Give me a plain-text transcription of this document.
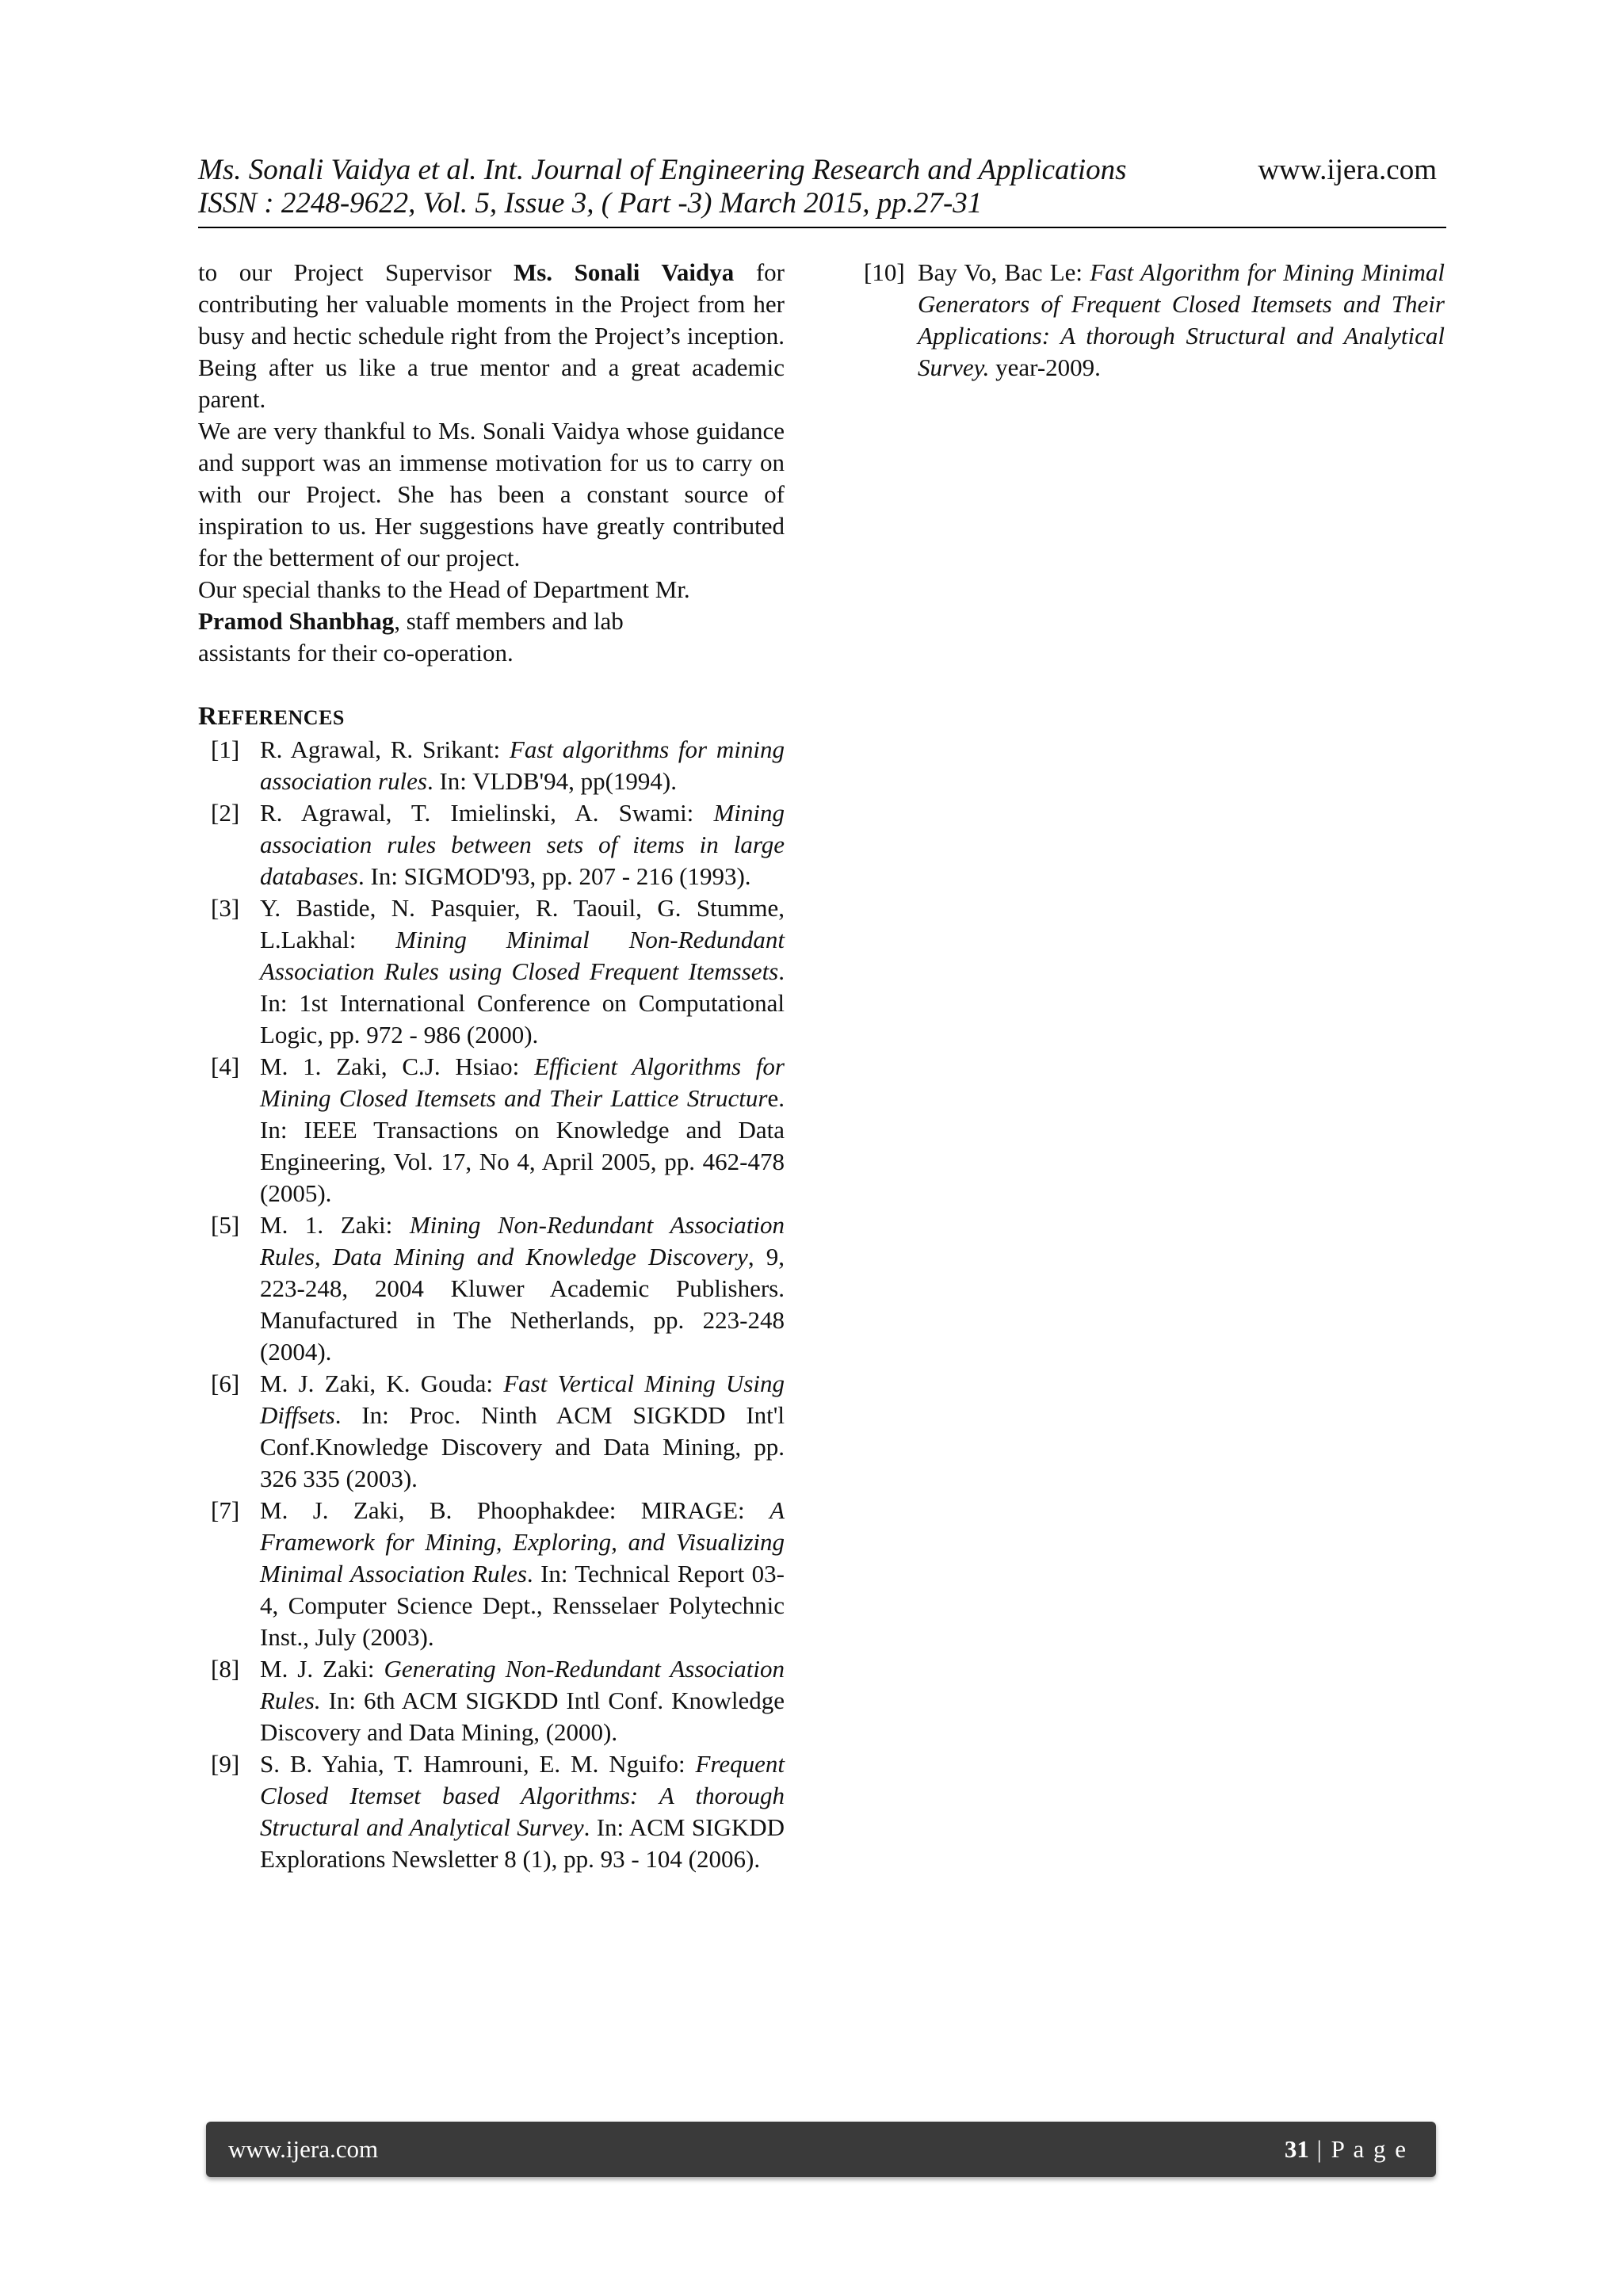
Ms. Sonali Vaidya et al. Int. Journal of Engineering Research and Applications
ISSN : 2248-9622, Vol. 5, Issue 3, ( Part -3) March 2015, pp.27-31
www.ijera.com

to our Project Supervisor Ms. Sonali Vaidya for contributing her valuable moments in the Project from her busy and hectic schedule right from the Project’s inception. Being after us like a true mentor and a great academic parent.

We are very thankful to Ms. Sonali Vaidya whose guidance and support was an immense motivation for us to carry on with our Project. She has been a constant source of inspiration to us. Her suggestions have greatly contributed for the betterment of our project.

Our special thanks to the Head of Department Mr.
Pramod Shanbhag, staff members and lab
assistants for their co-operation.

REFERENCES
[1] R. Agrawal, R. Srikant: Fast algorithms for mining association rules. In: VLDB'94, pp(1994).
[2] R. Agrawal, T. Imielinski, A. Swami: Mining association rules between sets of items in large databases. In: SIGMOD'93, pp. 207 - 216 (1993).
[3] Y. Bastide, N. Pasquier, R. Taouil, G. Stumme, L.Lakhal: Mining Minimal Non-Redundant Association Rules using Closed Frequent Itemssets. In: 1st International Conference on Computational Logic, pp. 972 - 986 (2000).
[4] M. 1. Zaki, C.J. Hsiao: Efficient Algorithms for Mining Closed Itemsets and Their Lattice Structure. In: IEEE Transactions on Knowledge and Data Engineering, Vol. 17, No 4, April 2005, pp. 462-478 (2005).
[5] M. 1. Zaki: Mining Non-Redundant Association Rules, Data Mining and Knowledge Discovery, 9, 223-248, 2004 Kluwer Academic Publishers. Manufactured in The Netherlands, pp. 223-248 (2004).
[6] M. J. Zaki, K. Gouda: Fast Vertical Mining Using Diffsets. In: Proc. Ninth ACM SIGKDD Int'l Conf.Knowledge Discovery and Data Mining, pp. 326 335 (2003).
[7] M. J. Zaki, B. Phoophakdee: MIRAGE: A Framework for Mining, Exploring, and Visualizing Minimal Association Rules. In: Technical Report 03-4, Computer Science Dept., Rensselaer Polytechnic Inst., July (2003).
[8] M. J. Zaki: Generating Non-Redundant Association Rules. In: 6th ACM SIGKDD Intl Conf. Knowledge Discovery and Data Mining, (2000).
[9] S. B. Yahia, T. Hamrouni, E. M. Nguifo: Frequent Closed Itemset based Algorithms: A thorough Structural and Analytical Survey. In: ACM SIGKDD Explorations Newsletter 8 (1), pp. 93 - 104 (2006).
[10] Bay Vo, Bac Le: Fast Algorithm for Mining Minimal Generators of Frequent Closed Itemsets and Their Applications: A thorough Structural and Analytical Survey. year-2009.
www.ijera.com	31 | P a g e
